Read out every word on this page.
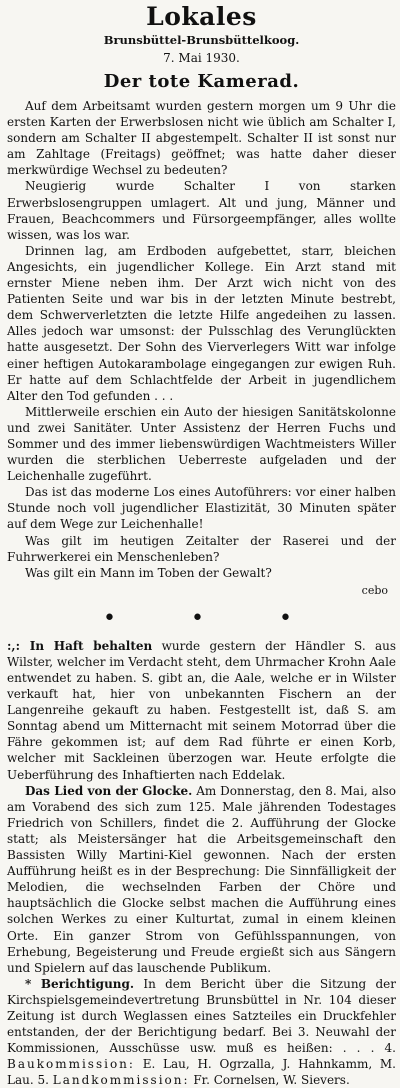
Lokales
Brunsbüttel-Brunsbüttelkoog.
7. Mai 1930.
Der tote Kamerad.

Auf dem Arbeitsamt wurden gestern morgen um 9 Uhr die ersten Karten der Erwerbslosen nicht wie üblich am Schalter I, sondern am Schalter II abgestempelt. Schalter II ist sonst nur am Zahltage (Freitags) geöffnet; was hatte daher dieser merkwürdige Wechsel zu bedeuten?

Neugierig wurde Schalter I von starken Erwerbslosengruppen umlagert. Alt und jung, Männer und Frauen, Beachcommers und Fürsorgeempfänger, alles wollte wissen, was los war.

Drinnen lag, am Erdboden aufgebettet, starr, bleichen Angesichts, ein jugendlicher Kollege. Ein Arzt stand mit ernster Miene neben ihm. Der Arzt wich nicht von des Patienten Seite und war bis in der letzten Minute bestrebt, dem Schwerverletzten die letzte Hilfe angedeihen zu lassen. Alles jedoch war umsonst: der Pulsschlag des Verunglückten hatte ausgesetzt. Der Sohn des Vierverlegers Witt war infolge einer heftigen Autokarambolage eingegangen zur ewigen Ruh. Er hatte auf dem Schlachtfelde der Arbeit in jugendlichem Alter den Tod gefunden . . .

Mittlerweile erschien ein Auto der hiesigen Sanitätskolonne und zwei Sanitäter. Unter Assistenz der Herren Fuchs und Sommer und des immer liebenswürdigen Wachtmeisters Willer wurden die sterblichen Ueberreste aufgeladen und der Leichenhalle zugeführt.

Das ist das moderne Los eines Autoführers: vor einer halben Stunde noch voll jugendlicher Elastizität, 30 Minuten später auf dem Wege zur Leichenhalle!

Was gilt im heutigen Zeitalter der Raserei und der Fuhrwerkerei ein Menschenleben?

Was gilt ein Mann im Toben der Gewalt?

cebo
• • •

:,: In Haft behalten wurde gestern der Händler S. aus Wilster, welcher im Verdacht steht, dem Uhrmacher Krohn Aale entwendet zu haben. S. gibt an, die Aale, welche er in Wilster verkauft hat, hier von unbekannten Fischern an der Langenreihe gekauft zu haben. Festgestellt ist, daß S. am Sonntag abend um Mitternacht mit seinem Motorrad über die Fähre gekommen ist; auf dem Rad führte er einen Korb, welcher mit Sackleinen überzogen war. Heute erfolgte die Ueberführung des Inhaftierten nach Eddelak.

Das Lied von der Glocke. Am Donnerstag, den 8. Mai, also am Vorabend des sich zum 125. Male jährenden Todestages Friedrich von Schillers, findet die 2. Aufführung der Glocke statt; als Meistersänger hat die Arbeitsgemeinschaft den Bassisten Willy Martini-Kiel gewonnen. Nach der ersten Aufführung heißt es in der Besprechung: Die Sinnfälligkeit der Melodien, die wechselnden Farben der Chöre und hauptsächlich die Glocke selbst machen die Aufführung eines solchen Werkes zu einer Kulturtat, zumal in einem kleinen Orte. Ein ganzer Strom von Gefühlsspannungen, von Erhebung, Begeisterung und Freude ergießt sich aus Sängern und Spielern auf das lauschende Publikum.

* Berichtigung. In dem Bericht über die Sitzung der Kirchspielsgemeindevertretung Brunsbüttel in Nr. 104 dieser Zeitung ist durch Weglassen eines Satzteiles ein Druckfehler entstanden, der der Berichtigung bedarf. Bei 3. Neuwahl der Kommissionen, Ausschüsse usw. muß es heißen: . . . 4. Baukommission: E. Lau, H. Ogrzalla, J. Hahnkamm, M. Lau. 5. Landkommission: Fr. Cornelsen, W. Sievers.
